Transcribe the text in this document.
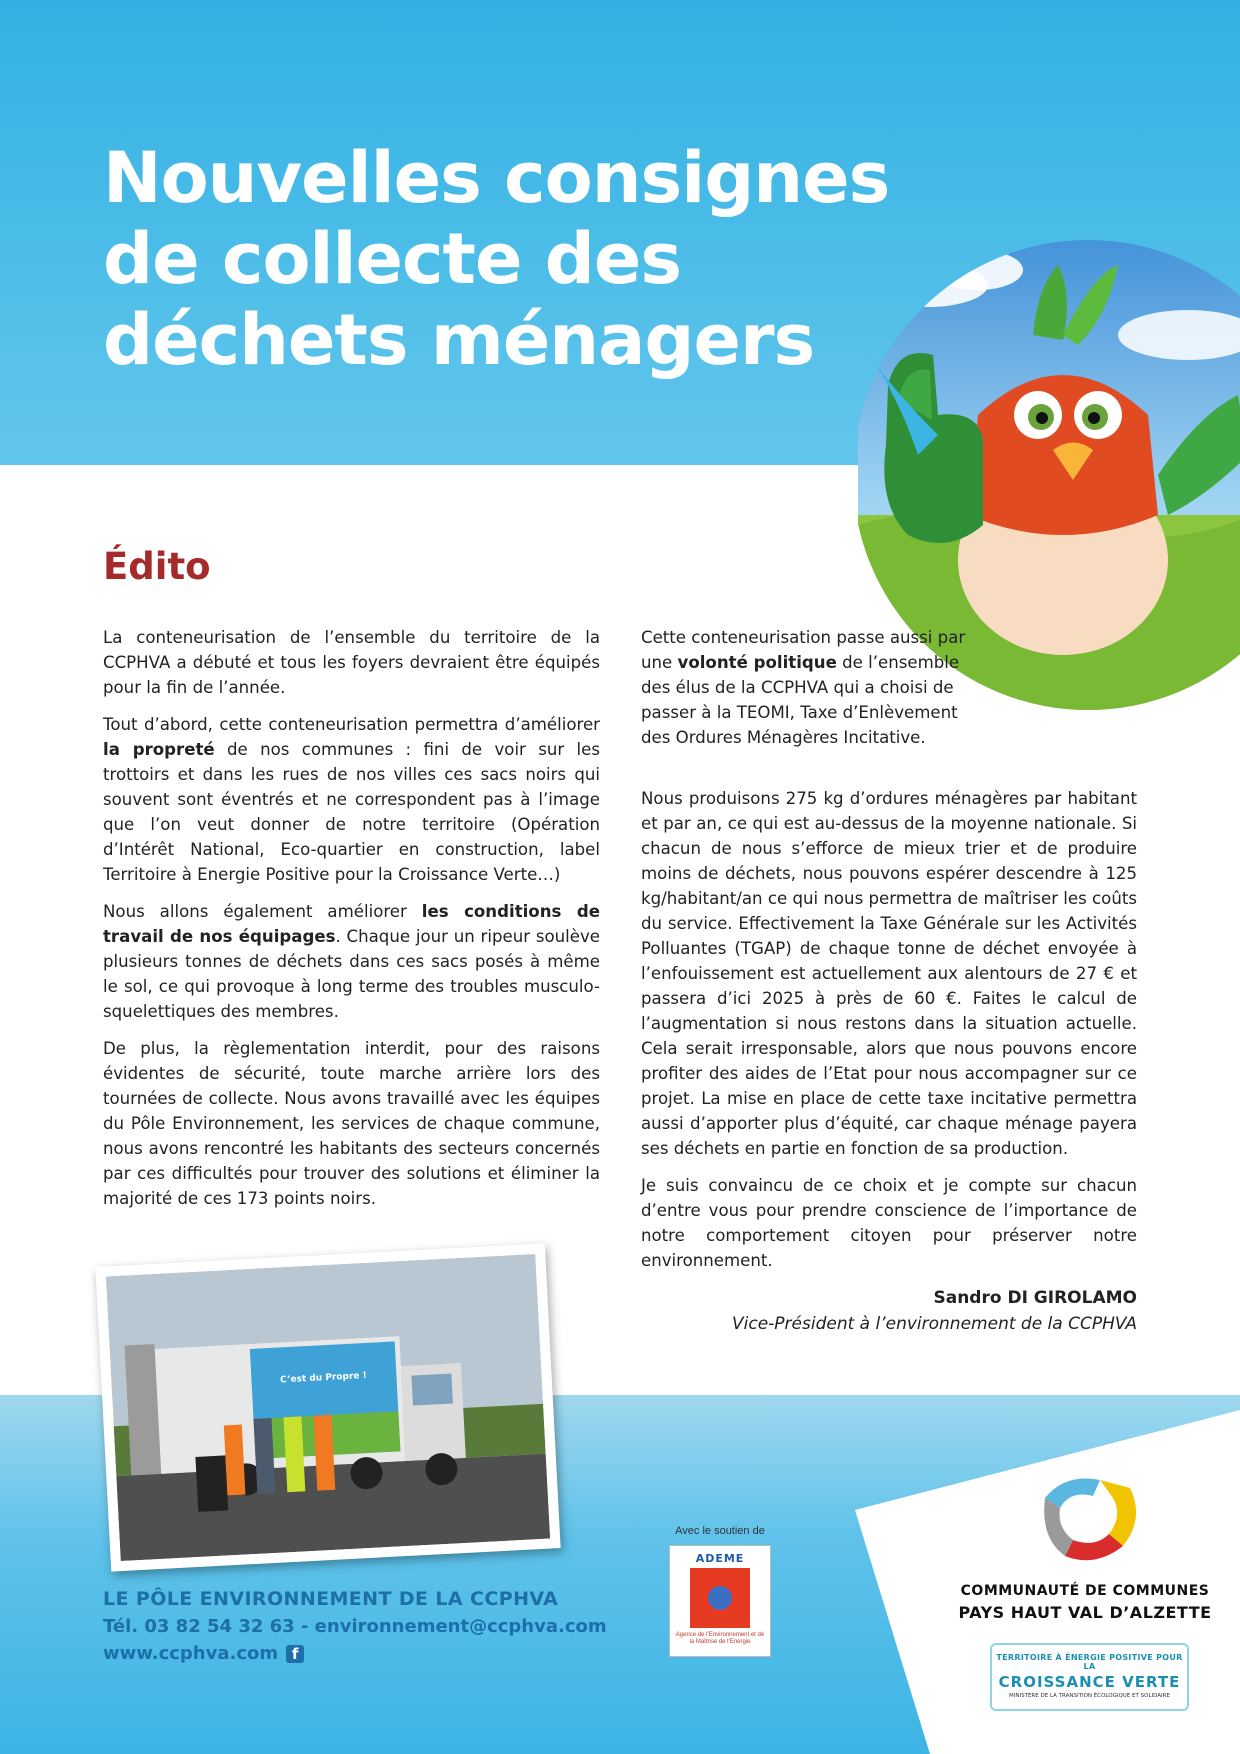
Nouvelles consignes
de collecte des
déchets ménagers
Édito

La conteneurisation de l’ensemble du territoire de la CCPHVA a débuté et tous les foyers devraient être équipés pour la fin de l’année.

Tout d’abord, cette conteneurisation permettra d’améliorer la propreté de nos communes : fini de voir sur les trottoirs et dans les rues de nos villes ces sacs noirs qui souvent sont éventrés et ne correspondent pas à l’image que l’on veut donner de notre territoire (Opération d’Intérêt National, Eco-quartier en construction, label Territoire à Energie Positive pour la Croissance Verte…)

Nous allons également améliorer les conditions de travail de nos équipages. Chaque jour un ripeur soulève plusieurs tonnes de déchets dans ces sacs posés à même le sol, ce qui provoque à long terme des troubles musculo-squelettiques des membres.

De plus, la règlementation interdit, pour des raisons évidentes de sécurité, toute marche arrière lors des tournées de collecte. Nous avons travaillé avec les équipes du Pôle Environnement, les services de chaque commune, nous avons rencontré les habitants des secteurs concernés par ces difficultés pour trouver des solutions et éliminer la majorité de ces 173 points noirs.

Cette conteneurisation passe aussi par une volonté politique de l’ensemble des élus de la CCPHVA qui a choisi de passer à la TEOMI, Taxe d’Enlèvement des Ordures Ménagères Incitative.

Nous produisons 275 kg d’ordures ménagères par habitant et par an, ce qui est au-dessus de la moyenne nationale. Si chacun de nous s’efforce de mieux trier et de produire moins de déchets, nous pouvons espérer descendre à 125 kg/habitant/an ce qui nous permettra de maîtriser les coûts du service. Effectivement la Taxe Générale sur les Activités Polluantes (TGAP) de chaque tonne de déchet envoyée à l’enfouissement est actuellement aux alentours de 27 € et passera d’ici 2025 à près de 60 €. Faites le calcul de l’augmentation si nous restons dans la situation actuelle. Cela serait irresponsable, alors que nous pouvons encore profiter des aides de l’Etat pour nous accompagner sur ce projet. La mise en place de cette taxe incitative permettra aussi d’apporter plus d’équité, car chaque ménage payera ses déchets en partie en fonction de sa production.

Je suis convaincu de ce choix et je compte sur chacun d’entre vous pour prendre conscience de l’importance de notre comportement citoyen pour préserver notre environnement.

Sandro DI GIROLAMO
Vice-Président à l’environnement de la CCPHVA
C’est du Propre !
LE PÔLE ENVIRONNEMENT DE LA CCPHVA
Tél. 03 82 54 32 63 - environnement@ccphva.com
www.ccphva.com f
Avec le soutien de
ADEME
Agence de l’Environnement et de la Maîtrise de l’Energie
COMMUNAUTÉ DE COMMUNES
PAYS HAUT VAL D’ALZETTE
TERRITOIRE À ÉNERGIE POSITIVE POUR LA
CROISSANCE VERTE
MINISTÈRE DE LA TRANSITION ÉCOLOGIQUE ET SOLIDAIRE
